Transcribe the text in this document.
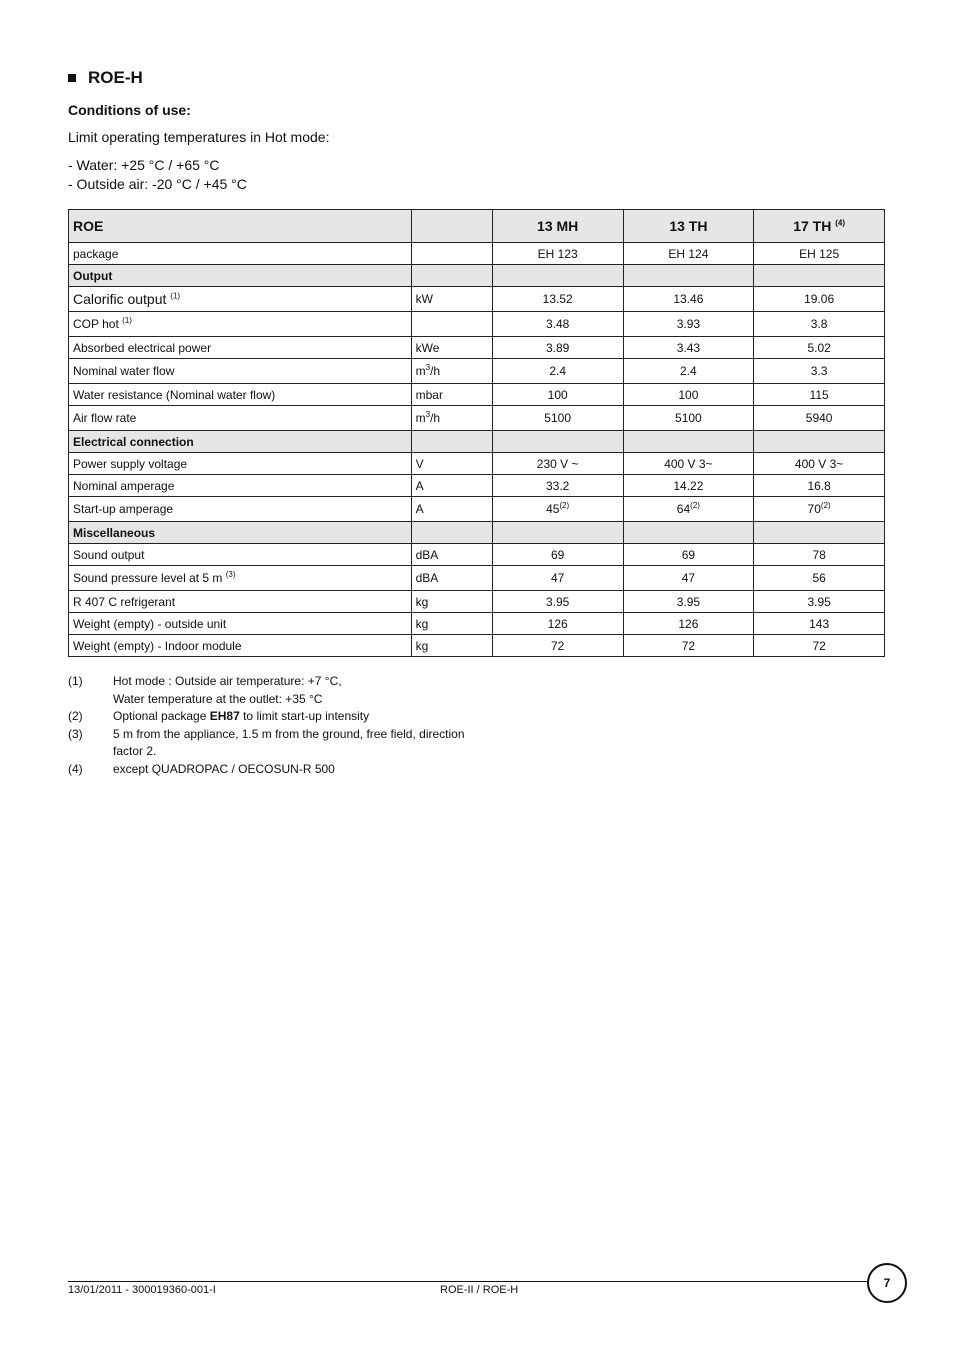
ROE-H
Conditions of use:
Limit operating temperatures in Hot mode:
- Water: +25 °C / +65 °C
- Outside air: -20 °C / +45 °C
ROE		13 MH	13 TH	17 TH $^{(4)}$
package		EH 123	EH 124	EH 125
Output				
Calorific output $^{(1)}$	kW	13.52	13.46	19.06
COP hot $^{(1)}$		3.48	3.93	3.8
Absorbed electrical power	kWe	3.89	3.43	5.02
Nominal water flow	$m^3/h$	2.4	2.4	3.3
Water resistance (Nominal water flow)	mbar	100	100	115
Air flow rate	$m^3/h$	5100	5100	5940
Electrical connection				
Power supply voltage	V	230 V ~	400 V 3~	400 V 3~
Nominal amperage	A	33.2	14.22	16.8
Start-up amperage	A	45$^{(2)}$	64$^{(2)}$	70$^{(2)}$
Miscellaneous				
Sound output	dBA	69	69	78
Sound pressure level at 5 m $^{(3)}$	dBA	47	47	56
R 407 C refrigerant	kg	3.95	3.95	3.95
Weight (empty) - outside unit	kg	126	126	143
Weight (empty) - Indoor module	kg	72	72	72
(1)	Hot mode : Outside air temperature: +7 °C,
Water temperature at the outlet: +35 °C
(2)	Optional package EH87 to limit start-up intensity
(3)	5 m from the appliance, 1.5 m from the ground, free field, direction
factor 2.
(4)	except QUADROPAC / OECOSUN-R 500
13/01/2011 - 300019360-001-I	ROE-II / ROE-H	7
